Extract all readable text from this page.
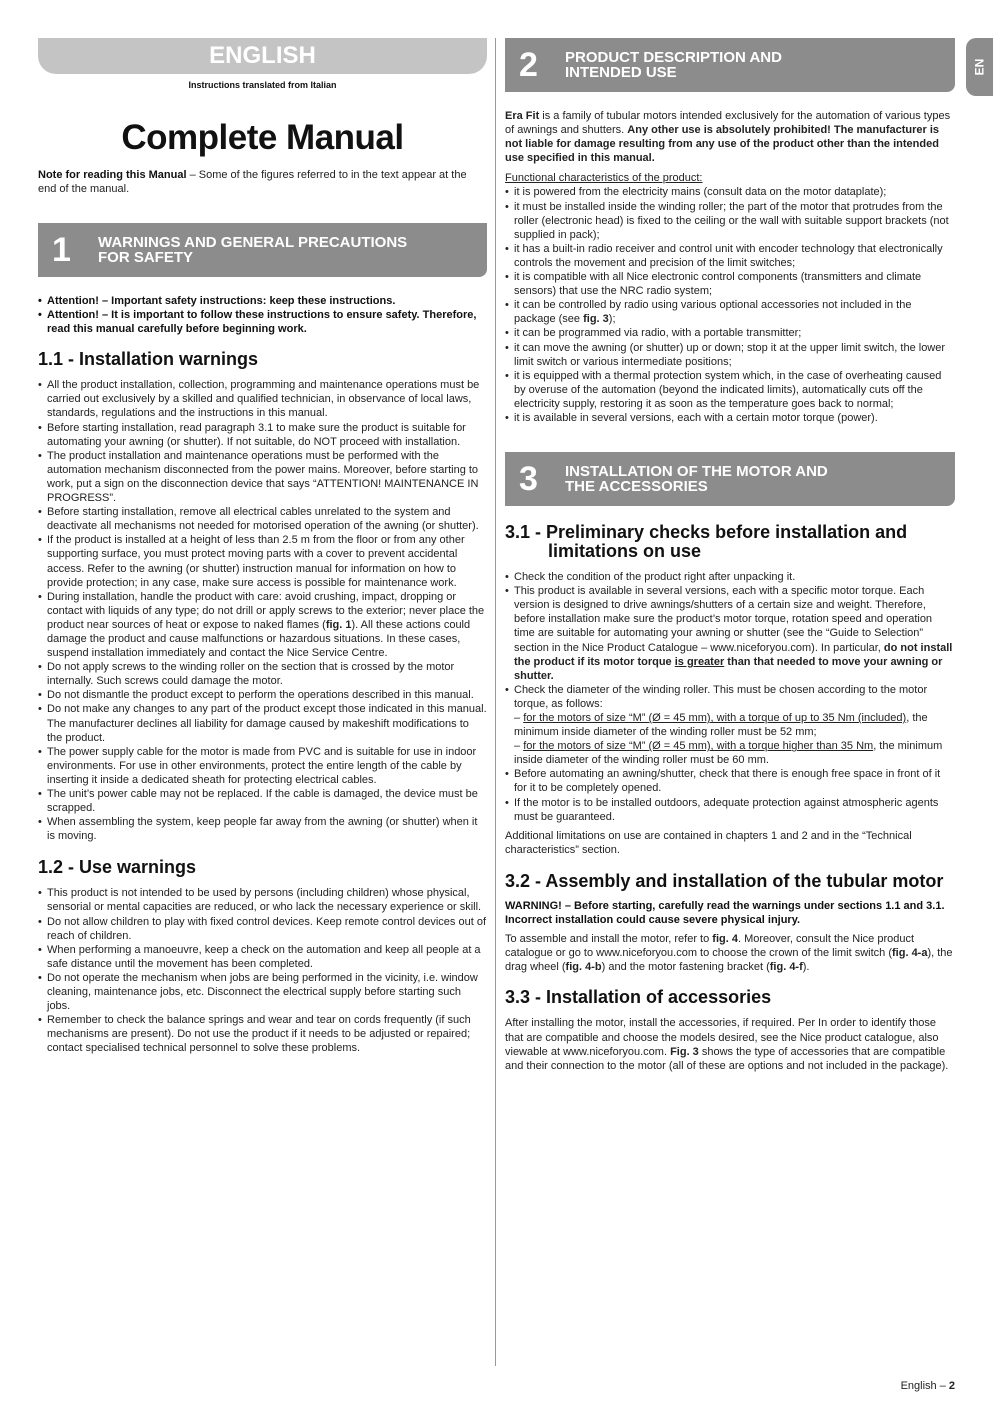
EN
ENGLISH
Instructions translated from Italian
Complete Manual

Note for reading this Manual – Some of the figures referred to in the text appear at the end of the manual.

1	WARNINGS AND GENERAL PRECAUTIONS
FOR SAFETY
• Attention! – Important safety instructions: keep these instructions.
• Attention! – It is important to follow these instructions to ensure safety. Therefore, read this manual carefully before beginning work.
1.1 - Installation warnings
• All the product installation, collection, programming and maintenance operations must be carried out exclusively by a skilled and qualified technician, in observance of local laws, standards, regulations and the instructions in this manual.
• Before starting installation, read paragraph 3.1 to make sure the product is suitable for automating your awning (or shutter). If not suitable, do NOT proceed with installation.
• The product installation and maintenance operations must be performed with the automation mechanism disconnected from the power mains. Moreover, before starting to work, put a sign on the disconnection device that says “ATTENTION! MAINTENANCE IN PROGRESS”.
• Before starting installation, remove all electrical cables unrelated to the system and deactivate all mechanisms not needed for motorised operation of the awning (or shutter).
• If the product is installed at a height of less than 2.5 m from the floor or from any other supporting surface, you must protect moving parts with a cover to prevent accidental access. Refer to the awning (or shutter) instruction manual for information on how to provide protection; in any case, make sure access is possible for maintenance work.
• During installation, handle the product with care: avoid crushing, impact, dropping or contact with liquids of any type; do not drill or apply screws to the exterior; never place the product near sources of heat or expose to naked flames (fig. 1). All these actions could damage the product and cause malfunctions or hazardous situations. In these cases, suspend installation immediately and contact the Nice Service Centre.
• Do not apply screws to the winding roller on the section that is crossed by the motor internally. Such screws could damage the motor.
• Do not dismantle the product except to perform the operations described in this manual.
• Do not make any changes to any part of the product except those indicated in this manual. The manufacturer declines all liability for damage caused by makeshift modifications to the product.
• The power supply cable for the motor is made from PVC and is suitable for use in indoor environments. For use in other environments, protect the entire length of the cable by inserting it inside a dedicated sheath for protecting electrical cables.
• The unit’s power cable may not be replaced. If the cable is damaged, the device must be scrapped.
• When assembling the system, keep people far away from the awning (or shutter) when it is moving.
1.2 - Use warnings
• This product is not intended to be used by persons (including children) whose physical, sensorial or mental capacities are reduced, or who lack the necessary experience or skill.
• Do not allow children to play with fixed control devices. Keep remote control devices out of reach of children.
• When performing a manoeuvre, keep a check on the automation and keep all people at a safe distance until the movement has been completed.
• Do not operate the mechanism when jobs are being performed in the vicinity, i.e. window cleaning, maintenance jobs, etc. Disconnect the electrical supply before starting such jobs.
• Remember to check the balance springs and wear and tear on cords frequently (if such mechanisms are present). Do not use the product if it needs to be adjusted or repaired; contact specialised technical personnel to solve these problems.
2	PRODUCT DESCRIPTION AND
INTENDED USE

Era Fit is a family of tubular motors intended exclusively for the automation of various types of awnings and shutters. Any other use is absolutely prohibited! The manufacturer is not liable for damage resulting from any use of the product other than the intended use specified in this manual.

Functional characteristics of the product:

• it is powered from the electricity mains (consult data on the motor dataplate);
• it must be installed inside the winding roller; the part of the motor that protrudes from the roller (electronic head) is fixed to the ceiling or the wall with suitable support brackets (not supplied in pack);
• it has a built-in radio receiver and control unit with encoder technology that electronically controls the movement and precision of the limit switches;
• it is compatible with all Nice electronic control components (transmitters and climate sensors) that use the NRC radio system;
• it can be controlled by radio using various optional accessories not included in the package (see fig. 3);
• it can be programmed via radio, with a portable transmitter;
• it can move the awning (or shutter) up or down; stop it at the upper limit switch, the lower limit switch or various intermediate positions;
• it is equipped with a thermal protection system which, in the case of overheating caused by overuse of the automation (beyond the indicated limits), automatically cuts off the electricity supply, restoring it as soon as the temperature goes back to normal;
• it is available in several versions, each with a certain motor torque (power).
3	INSTALLATION OF THE MOTOR AND
THE ACCESSORIES
3.1 - Preliminary checks before installation and
limitations on use
• Check the condition of the product right after unpacking it.
• This product is available in several versions, each with a specific motor torque. Each version is designed to drive awnings/shutters of a certain size and weight. Therefore, before installation make sure the product’s motor torque, rotation speed and operation time are suitable for automating your awning or shutter (see the “Guide to Selection” section in the Nice Product Catalogue – www.niceforyou.com). In particular, do not install the product if its motor torque is greater than that needed to move your awning or shutter.
• Check the diameter of the winding roller. This must be chosen according to the motor torque, as follows:
– for the motors of size “M” (Ø = 45 mm), with a torque of up to 35 Nm (included), the minimum inside diameter of the winding roller must be 52 mm;
– for the motors of size “M” (Ø = 45 mm), with a torque higher than 35 Nm, the minimum inside diameter of the winding roller must be 60 mm.
• Before automating an awning/shutter, check that there is enough free space in front of it for it to be completely opened.
• If the motor is to be installed outdoors, adequate protection against atmospheric agents must be guaranteed.

Additional limitations on use are contained in chapters 1 and 2 and in the “Technical characteristics” section.

3.2 - Assembly and installation of the tubular motor

WARNING! – Before starting, carefully read the warnings under sections 1.1 and 3.1. Incorrect installation could cause severe physical injury.

To assemble and install the motor, refer to fig. 4. Moreover, consult the Nice product catalogue or go to www.niceforyou.com to choose the crown of the limit switch (fig. 4-a), the drag wheel (fig. 4-b) and the motor fastening bracket (fig. 4-f).

3.3 - Installation of accessories

After installing the motor, install the accessories, if required. Per In order to identify those that are compatible and choose the models desired, see the Nice product catalogue, also viewable at www.niceforyou.com. Fig. 3 shows the type of accessories that are compatible and their connection to the motor (all of these are options and not included in the package).

English – 2
